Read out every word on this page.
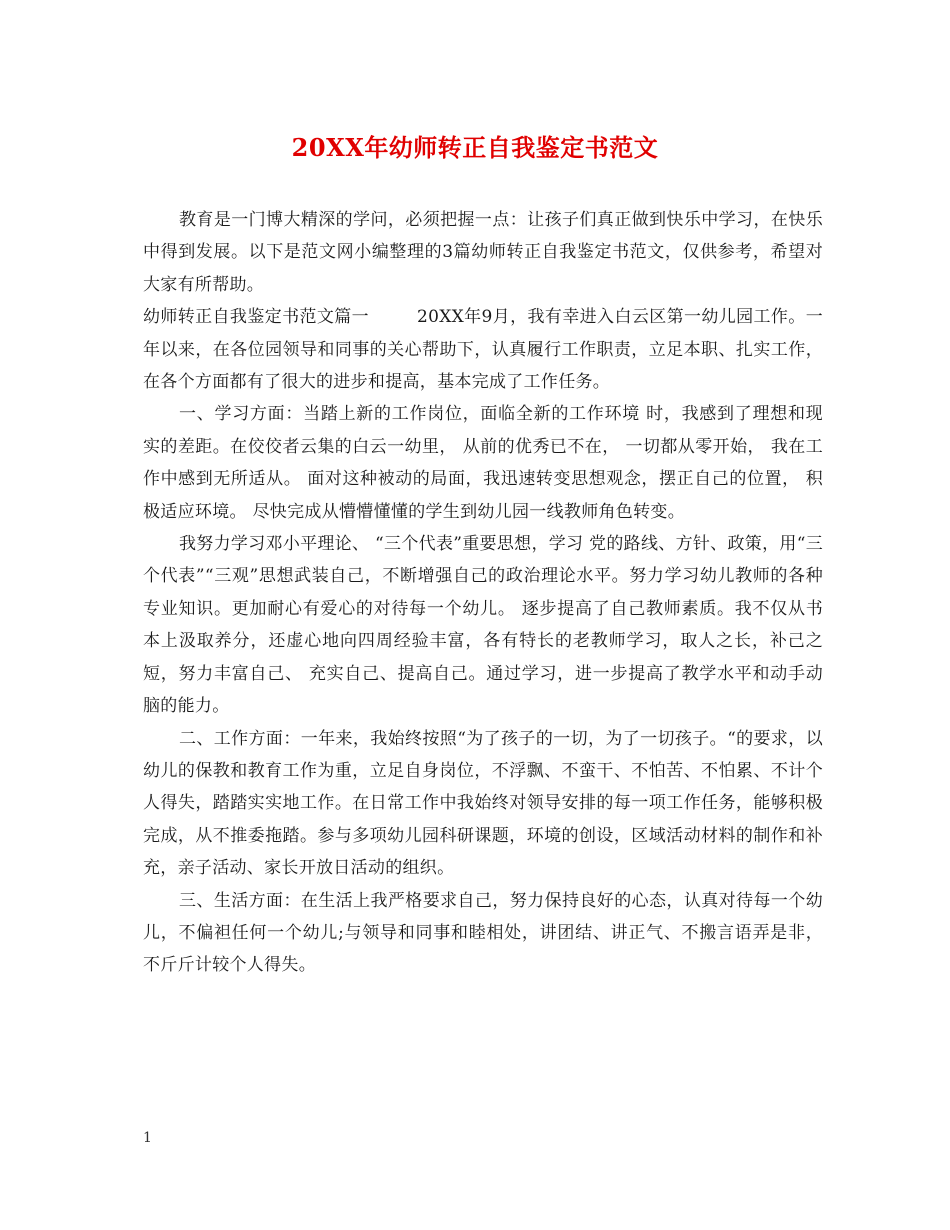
20XX年幼师转正自我鉴定书范文

教育是一门博大精深的学问，必须把握一点：让孩子们真正做到快乐中学习，在快乐中得到发展。以下是范文网小编整理的3篇幼师转正自我鉴定书范文，仅供参考，希望对大家有所帮助。

幼师转正自我鉴定书范文篇一	20XX年9月，我有幸进入白云区第一幼儿园工作。一年以来，在各位园领导和同事的关心帮助下，认真履行工作职责，立足本职、扎实工作，在各个方面都有了很大的进步和提高，基本完成了工作任务。

一、学习方面：当踏上新的工作岗位，面临全新的工作环境 时，我感到了理想和现实的差距。在佼佼者云集的白云一幼里， 从前的优秀已不在， 一切都从零开始， 我在工作中感到无所适从。 面对这种被动的局面，我迅速转变思想观念，摆正自己的位置， 积极适应环境。 尽快完成从懵懵懂懂的学生到幼儿园一线教师角色转变。

我努力学习邓小平理论、 “三个代表”重要思想，学习 党的路线、方针、政策，用“三个代表”“三观”思想武装自己，不断增强自己的政治理论水平。努力学习幼儿教师的各种专业知识。更加耐心有爱心的对待每一个幼儿。 逐步提高了自己教师素质。我不仅从书本上汲取养分，还虚心地向四周经验丰富，各有特长的老教师学习，取人之长，补己之短，努力丰富自己、 充实自己、提高自己。通过学习，进一步提高了教学水平和动手动脑的能力。

二、工作方面：一年来，我始终按照“为了孩子的一切，为了一切孩子。“的要求，以幼儿的保教和教育工作为重，立足自身岗位，不浮飘、不蛮干、不怕苦、不怕累、不计个人得失，踏踏实实地工作。在日常工作中我始终对领导安排的每一项工作任务，能够积极完成，从不推委拖踏。参与多项幼儿园科研课题，环境的创设，区域活动材料的制作和补充，亲子活动、家长开放日活动的组织。

三、生活方面：在生活上我严格要求自己，努力保持良好的心态，认真对待每一个幼儿，不偏袒任何一个幼儿;与领导和同事和睦相处，讲团结、讲正气、不搬言语弄是非，不斤斤计较个人得失。

1
